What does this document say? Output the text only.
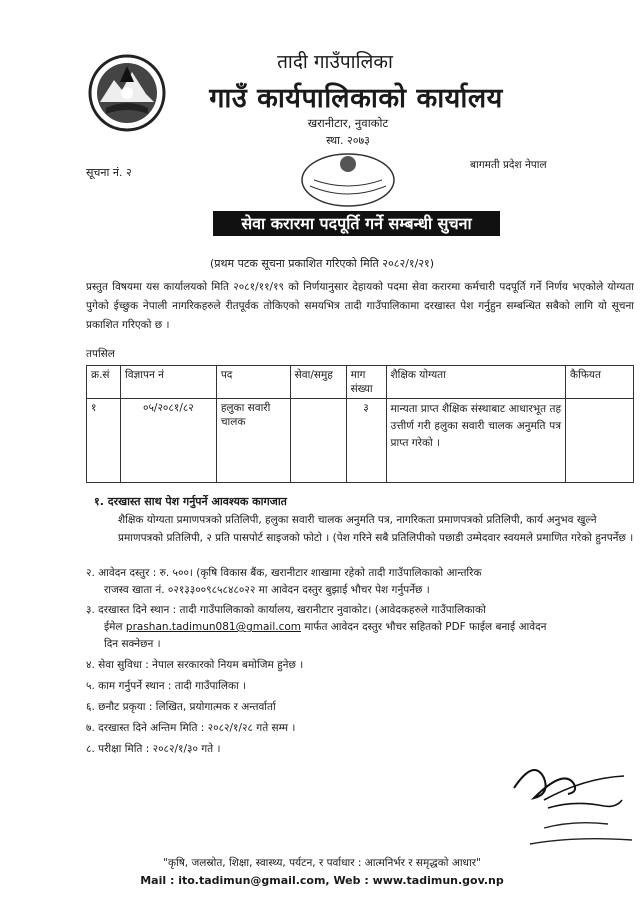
तादी गाउँपालिका
गाउँ कार्यपालिकाको कार्यालय
खरानीटार, नुवाकोट
स्था. २०७३
सूचना नं. २
बागमती प्रदेश नेपाल
सेवा करारमा पदपूर्ति गर्ने सम्बन्धी सुचना
(प्रथम पटक सूचना प्रकाशित गरिएको मिति २०८२/१/२१)
प्रस्तुत विषयमा यस कार्यालयको मिति २०८१/११/१९ को निर्णयानुसार देहायको पदमा सेवा करारमा कर्मचारी पदपूर्ति गर्ने निर्णय भएकोले योग्यता पुगेको ईच्छुक नेपाली नागरिकहरुले रीतपूर्वक तोकिएको समयभित्र तादी गाउँपालिकामा दरखास्त पेश गर्नुहुन सम्बन्धित सबैको लागि यो सूचना प्रकाशित गरिएको छ ।
तपसिल
क्र.सं	विज्ञापन नं	पद	सेवा/समुह	माग संख्या	शैक्षिक योग्यता	कैफियत
१	०५/२०८१/८२	हलुका सवारी चालक		३	मान्यता प्राप्त शैक्षिक संस्थाबाट आधारभूत तह उत्तीर्ण गरी हलुका सवारी चालक अनुमति पत्र प्राप्त गरेको ।	
१. दरखास्त साथ पेश गर्नुपर्ने आवश्यक कागजात
शैक्षिक योग्यता प्रमाणपत्रको प्रतिलिपी, हलुका सवारी चालक अनुमति पत्र, नागरिकता प्रमाणपत्रको प्रतिलिपी, कार्य अनुभव खुल्ने प्रमाणपत्रको प्रतिलिपी, २ प्रति पासपोर्ट साइजको फोटो । (पेश गरिने सबै प्रतिलिपीको पछाडी उम्मेदवार स्वयमले प्रमाणित गरेको हुनपर्नेछ ।
२. आवेदन दस्तुर : रु. ५००। (कृषि विकास बैंक, खरानीटार शाखामा रहेको तादी गाउँपालिकाको आन्तरिक
राजस्व खाता नं. ०२१३३००९८५८४८०२२ मा आवेदन दस्तुर बुझाई भौचर पेश गर्नुपर्नेछ ।
३. दरखास्त दिने स्थान : तादी गाउँपालिकाको कार्यालय, खरानीटार नुवाकोट। (आवेदकहरुले गाउँपालिकाको
ईमेल prashan.tadimun081@gmail.com मार्फत आवेदन दस्तुर भौचर सहितको PDF फाईल बनाई आवेदन
दिन सक्नेछन ।
४. सेवा सुविधा : नेपाल सरकारको नियम बमोजिम हुनेछ ।
५. काम गर्नुपर्ने स्थान : तादी गाउँपालिका ।
६. छनौट प्रकृया : लिखित, प्रयोगात्मक र अन्तर्वार्ता
७. दरखास्त दिने अन्तिम मिति : २०८२/१/२८ गते सम्म ।
८. परीक्षा मिति : २०८२/१/३० गते ।
"कृषि, जलस्रोत, शिक्षा, स्वास्थ्य, पर्यटन, र पर्वाधार : आत्मनिर्भर र समृद्धको आधार"
Mail : ito.tadimun@gmail.com, Web : www.tadimun.gov.np
